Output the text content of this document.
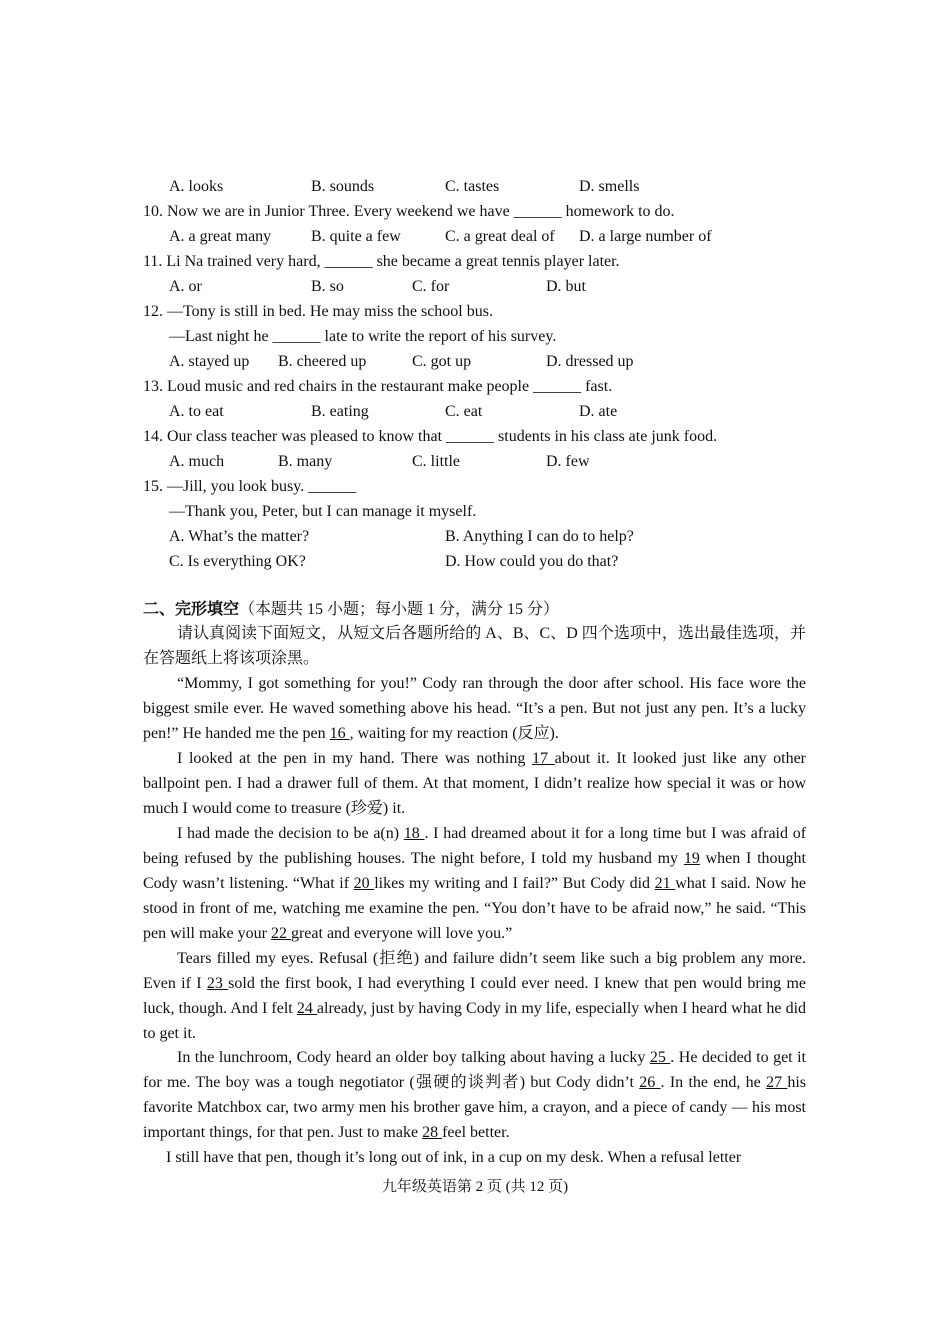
A. looks	B. sounds	C. tastes	D. smells
10. Now we are in Junior Three. Every weekend we have ______ homework to do.
A. a great many B. quite a few	C. a great deal of D. a large number of
11. Li Na trained very hard, ______ she became a great tennis player later.
A. or	B. so	C. for	D. but
12. —Tony is still in bed. He may miss the school bus.
—Last night he ______ late to write the report of his survey.
A. stayed up B. cheered up	C. got up	D. dressed up
13. Loud music and red chairs in the restaurant make people ______ fast.
A. to eat	B. eating	C. eat	D. ate
14. Our class teacher was pleased to know that ______ students in his class ate junk food.
A. much	B. many	C. little	D. few
15. —Jill, you look busy. ______
—Thank you, Peter, but I can manage it myself.
A. What’s the matter?	B. Anything I can do to help?
C. Is everything OK?	D. How could you do that?
二、完形填空（本题共 15 小题；每小题 1 分，满分 15 分）
请认真阅读下面短文，从短文后各题所给的 A、B、C、D 四个选项中，选出最佳选项，并在答题纸上将该项涂黑。
“Mommy, I got something for you!” Cody ran through the door after school. His face wore the biggest smile ever. He waved something above his head. “It’s a pen. But not just any pen. It’s a lucky pen!” He handed me the pen 16 , waiting for my reaction (反应).
I looked at the pen in my hand. There was nothing 17 about it. It looked just like any other ballpoint pen. I had a drawer full of them. At that moment, I didn’t realize how special it was or how much I would come to treasure (珍爱) it.
I had made the decision to be a(n) 18 . I had dreamed about it for a long time but I was afraid of being refused by the publishing houses. The night before, I told my husband my 19 when I thought Cody wasn’t listening. “What if 20 likes my writing and I fail?” But Cody did 21 what I said. Now he stood in front of me, watching me examine the pen. “You don’t have to be afraid now,” he said. “This pen will make your 22 great and everyone will love you.”
Tears filled my eyes. Refusal (拒绝) and failure didn’t seem like such a big problem any more. Even if I 23 sold the first book, I had everything I could ever need. I knew that pen would bring me luck, though. And I felt 24 already, just by having Cody in my life, especially when I heard what he did to get it.
In the lunchroom, Cody heard an older boy talking about having a lucky 25 . He decided to get it for me. The boy was a tough negotiator (强硬的谈判者) but Cody didn’t 26 . In the end, he 27 his favorite Matchbox car, two army men his brother gave him, a crayon, and a piece of candy — his most important things, for that pen. Just to make 28 feel better.
I still have that pen, though it’s long out of ink, in a cup on my desk. When a refusal letter
九年级英语第 2 页 (共 12 页)
